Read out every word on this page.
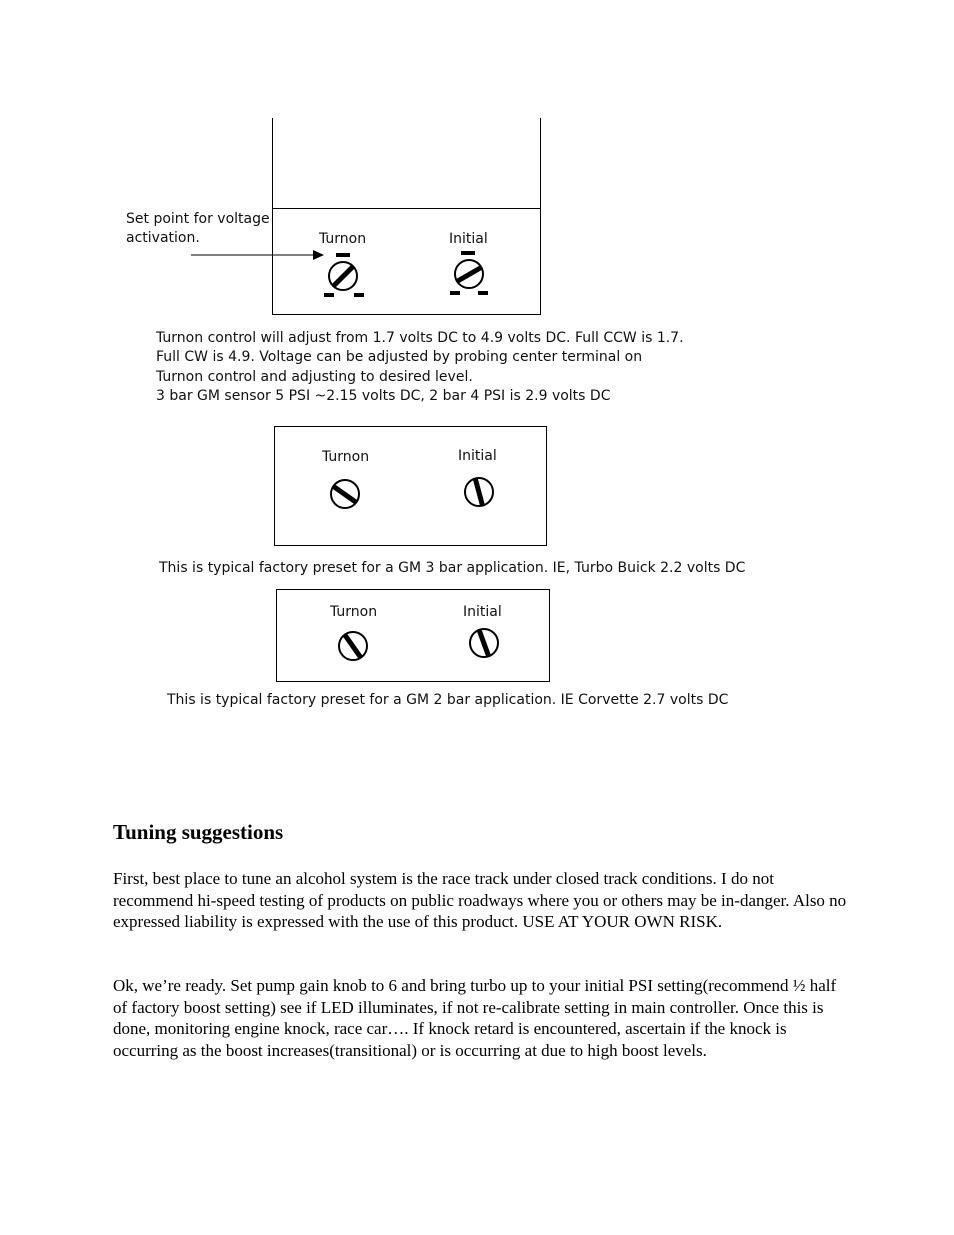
Set point for voltage
activation.	Turnon	Initial
Turnon control will adjust from 1.7 volts DC to 4.9 volts DC. Full CCW is 1.7.
Full CW is 4.9. Voltage can be adjusted by probing center terminal on
Turnon control and adjusting to desired level.
3 bar GM sensor 5 PSI ~2.15 volts DC, 2 bar 4 PSI is 2.9 volts DC
Turnon	Initial
This is typical factory preset for a GM 3 bar application. IE, Turbo Buick 2.2 volts DC
Turnon	Initial
This is typical factory preset for a GM 2 bar application. IE Corvette 2.7 volts DC
Tuning suggestions

First, best place to tune an alcohol system is the race track under closed track conditions. I do not recommend hi-speed testing of products on public roadways where you or others may be in-danger. Also no expressed liability is expressed with the use of this product. USE AT YOUR OWN RISK.

Ok, we’re ready. Set pump gain knob to 6 and bring turbo up to your initial PSI setting(recommend ½ half of factory boost setting) see if LED illuminates, if not re-calibrate setting in main controller. Once this is done, monitoring engine knock, race car…. If knock retard is encountered, ascertain if the knock is occurring as the boost increases(transitional) or is occurring at due to high boost levels.
